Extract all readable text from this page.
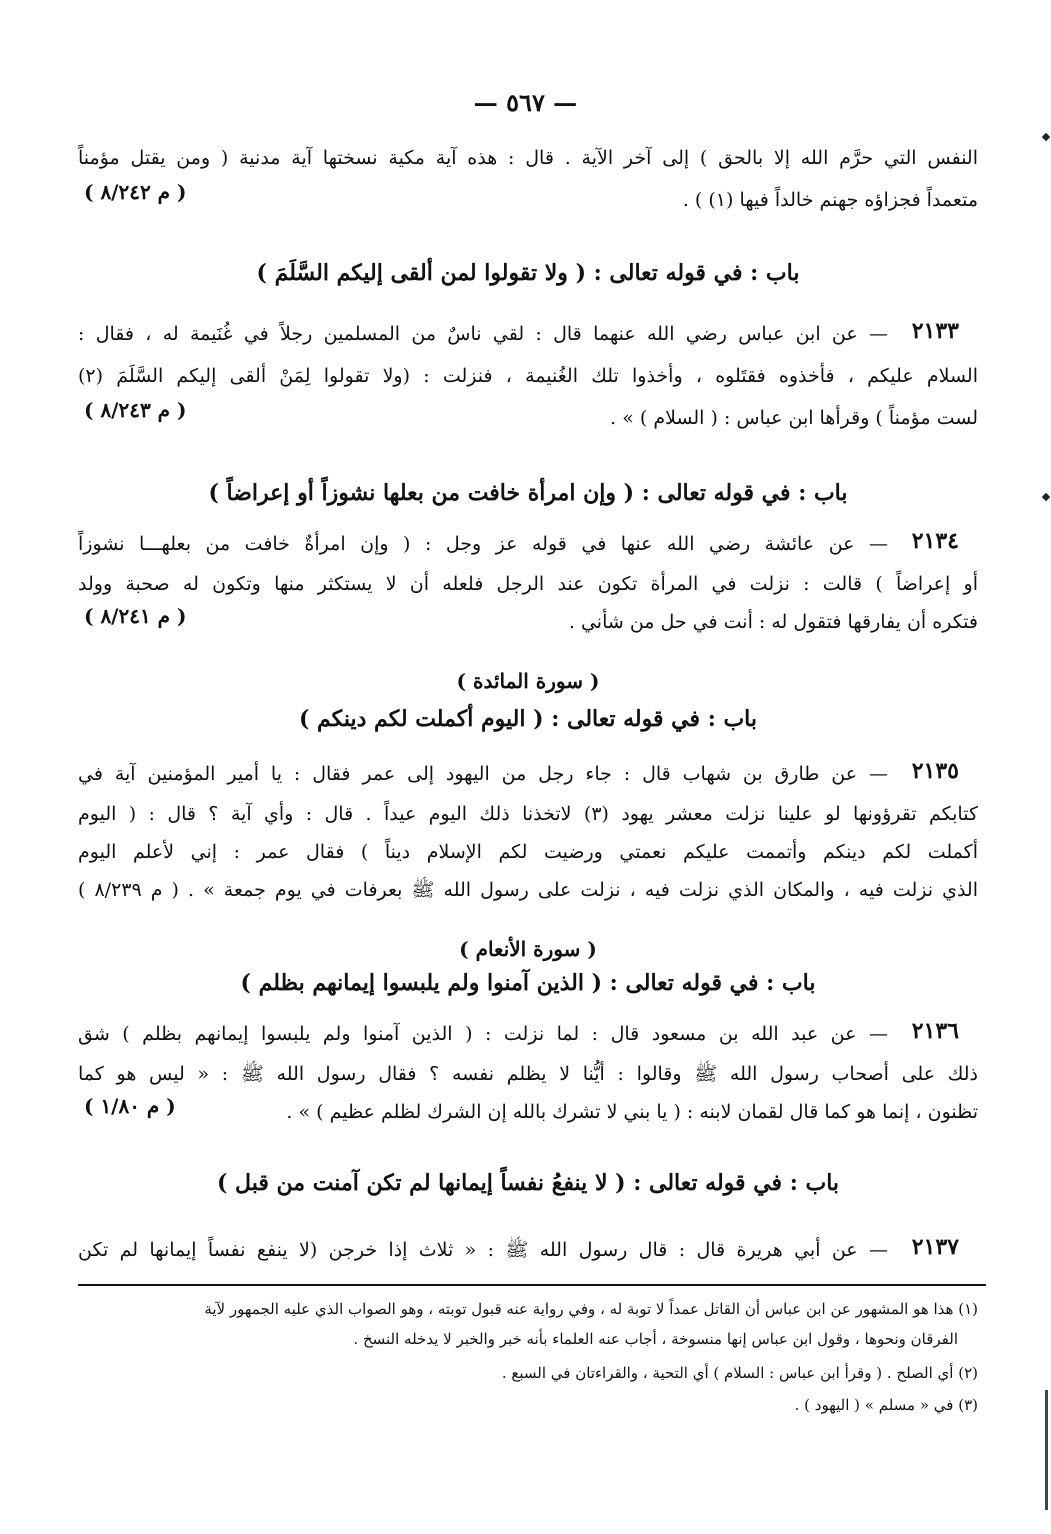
— ٥٦٧ —
النفس التي حرَّم الله إلا بالحق ) إلى آخر الآية . قال : هذه آية مكية نسختها آية مدنية ( ومن يقتل مؤمناً
متعمداً فجزاؤه جهنم خالداً فيها (١) ) .
( م ٨/٢٤٢ )
باب : في قوله تعالى : ( ولا تقولوا لمن ألقى إليكم السَّلَمَ )
— عن ابن عباس رضي الله عنهما قال : لقي ناسٌ من المسلمين رجلاً في غُنَيمة له ، فقال : ٢١٣٣
السلام عليكم ، فأخذوه فقتَلوه ، وأخذوا تلك الغُنيمة ، فنزلت : (ولا تقولوا لِمَنْ ألقى إليكم السَّلَمَ (٢)
لست مؤمناً ) وقرأها ابن عباس : ( السلام ) » .
( م ٨/٢٤٣ )
باب : في قوله تعالى : ( وإن امرأة خافت من بعلها نشوزاً أو إعراضاً )
٢١٣٤
— عن عائشة رضي الله عنها في قوله عز وجل : ( وإن امرأةٌ خافت من بعلهـــا نشوزاً
أو إعراضاً ) قالت : نزلت في المرأة تكون عند الرجل فلعله أن لا يستكثر منها وتكون له صحبة وولد
فتكره أن يفارقها فتقول له : أنت في حل من شأني .
( م ٨/٢٤١ )
( سورة المائدة )
باب : في قوله تعالى : ( اليوم أكملت لكم دينكم )
٢١٣٥
— عن طارق بن شهاب قال : جاء رجل من اليهود إلى عمر فقال : يا أمير المؤمنين آية في
كتابكم تقرؤونها لو علينا نزلت معشر يهود (٣) لاتخذنا ذلك اليوم عيداً . قال : وأي آية ؟ قال : ( اليوم
أكملت لكم دينكم وأتممت عليكم نعمتي ورضيت لكم الإسلام ديناً ) فقال عمر : إني لأعلم اليوم
الذي نزلت فيه ، والمكان الذي نزلت فيه ، نزلت على رسول الله ﷺ بعرفات في يوم جمعة » . ( م ٨/٢٣٩ )
( سورة الأنعام )
باب : في قوله تعالى : ( الذين آمنوا ولم يلبسوا إيمانهم بظلم )
٢١٣٦
— عن عبد الله بن مسعود قال : لما نزلت : ( الذين آمنوا ولم يلبسوا إيمانهم بظلم ) شق
ذلك على أصحاب رسول الله ﷺ وقالوا : أيُّنا لا يظلم نفسه ؟ فقال رسول الله ﷺ : « ليس هو كما
تظنون ، إنما هو كما قال لقمان لابنه : ( يا بني لا تشرك بالله إن الشرك لظلم عظيم ) » .
( م ١/٨٠ )
باب : في قوله تعالى : ( لا ينفعُ نفساً إيمانها لم تكن آمنت من قبل )
٢١٣٧
— عن أبي هريرة قال : قال رسول الله ﷺ : « ثلاث إذا خرجن (لا ينفع نفساً إيمانها لم تكن
(١) هذا هو المشهور عن ابن عباس أن القاتل عمداً لا توبة له ، وفي رواية عنه قبول توبته ، وهو الصواب الذي عليه الجمهور لآية
الفرقان ونحوها ، وقول ابن عباس إنها منسوخة ، أجاب عنه العلماء بأنه خبر والخبر لا يدخله النسخ .
(٢) أي الصلح . ( وقرأ ابن عباس : السلام ) أي التحية ، والقراءتان في السبع .
(٣) في « مسلم » ( اليهود ) .
